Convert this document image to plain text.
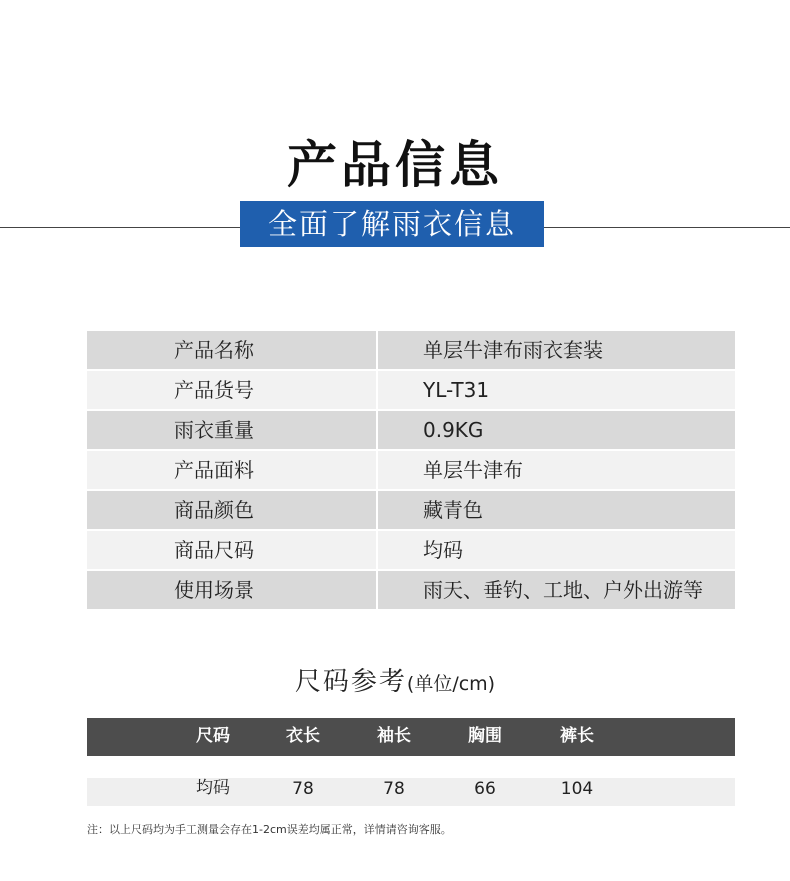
产品信息
全面了解雨衣信息
产品名称	单层牛津布雨衣套装
产品货号	YL-T31
雨衣重量	0.9KG
产品面料	单层牛津布
商品颜色	藏青色
商品尺码	均码
使用场景	雨天、垂钓、工地、户外出游等
尺码参考(单位/cm)
尺码	衣长	袖长	胸围	裤长
均码	78	78	66	104
注：以上尺码均为手工测量会存在1-2cm误差均属正常，详情请咨询客服。
